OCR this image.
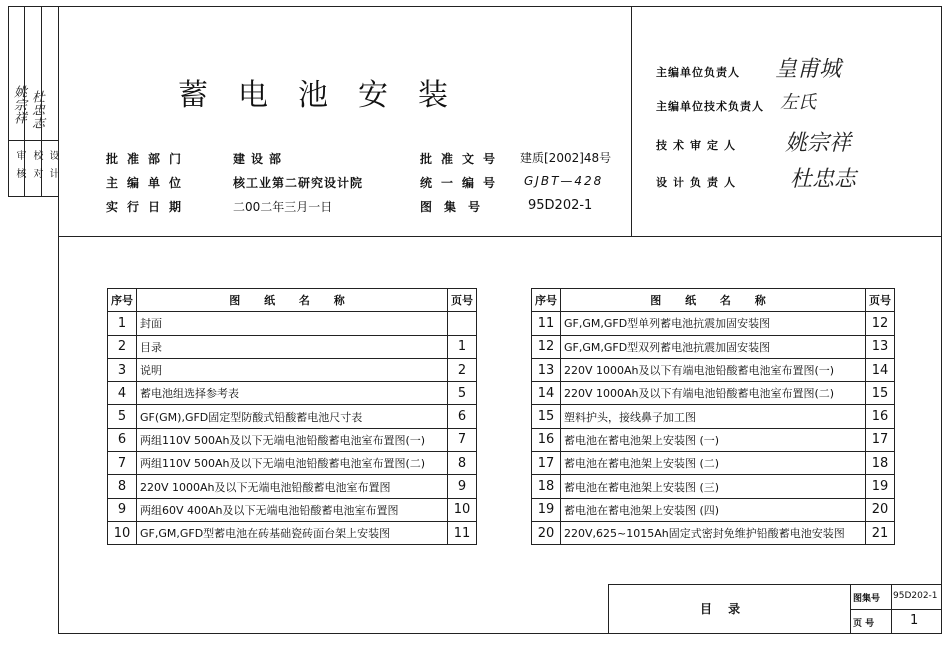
姚宗祥 杜忠志
审
核
校
对
设
计
蓄电池安装
批准部门	建设部
主编单位	核工业第二研究设计院
实行日期	二00二年三月一日
批准文号 建质[2002]48号
统一编号 GJBT—428
图集号	95D202-1
主编单位负责人 皇甫城
主编单位技术负责人 左氏
技术审定人 姚宗祥
设计负责人 杜忠志
序号	图 纸 名 称	页号
1	封面	
2	目录	1
3	说明	2
4	蓄电池组选择参考表	5
5	GF(GM),GFD固定型防酸式铅酸蓄电池尺寸表	6
6	两组110V 500Ah及以下无端电池铅酸蓄电池室布置图(一)	7
7	两组110V 500Ah及以下无端电池铅酸蓄电池室布置图(二)	8
8	220V 1000Ah及以下无端电池铅酸蓄电池室布置图	9
9	两组60V 400Ah及以下无端电池铅酸蓄电池室布置图	10
10	GF,GM,GFD型蓄电池在砖基础瓷砖面台架上安装图	11
序号	图 纸 名 称	页号
11	GF,GM,GFD型单列蓄电池抗震加固安装图	12
12	GF,GM,GFD型双列蓄电池抗震加固安装图	13
13	220V 1000Ah及以下有端电池铅酸蓄电池室布置图(一)	14
14	220V 1000Ah及以下有端电池铅酸蓄电池室布置图(二)	15
15	塑料护头，接线鼻子加工图	16
16	蓄电池在蓄电池架上安装图 (一)	17
17	蓄电池在蓄电池架上安装图 (二)	18
18	蓄电池在蓄电池架上安装图 (三)	19
19	蓄电池在蓄电池架上安装图 (四)	20
20	220V,625~1015Ah固定式密封免维护铅酸蓄电池安装图	21
目 录
图集号 95D202-1
页 号	1
